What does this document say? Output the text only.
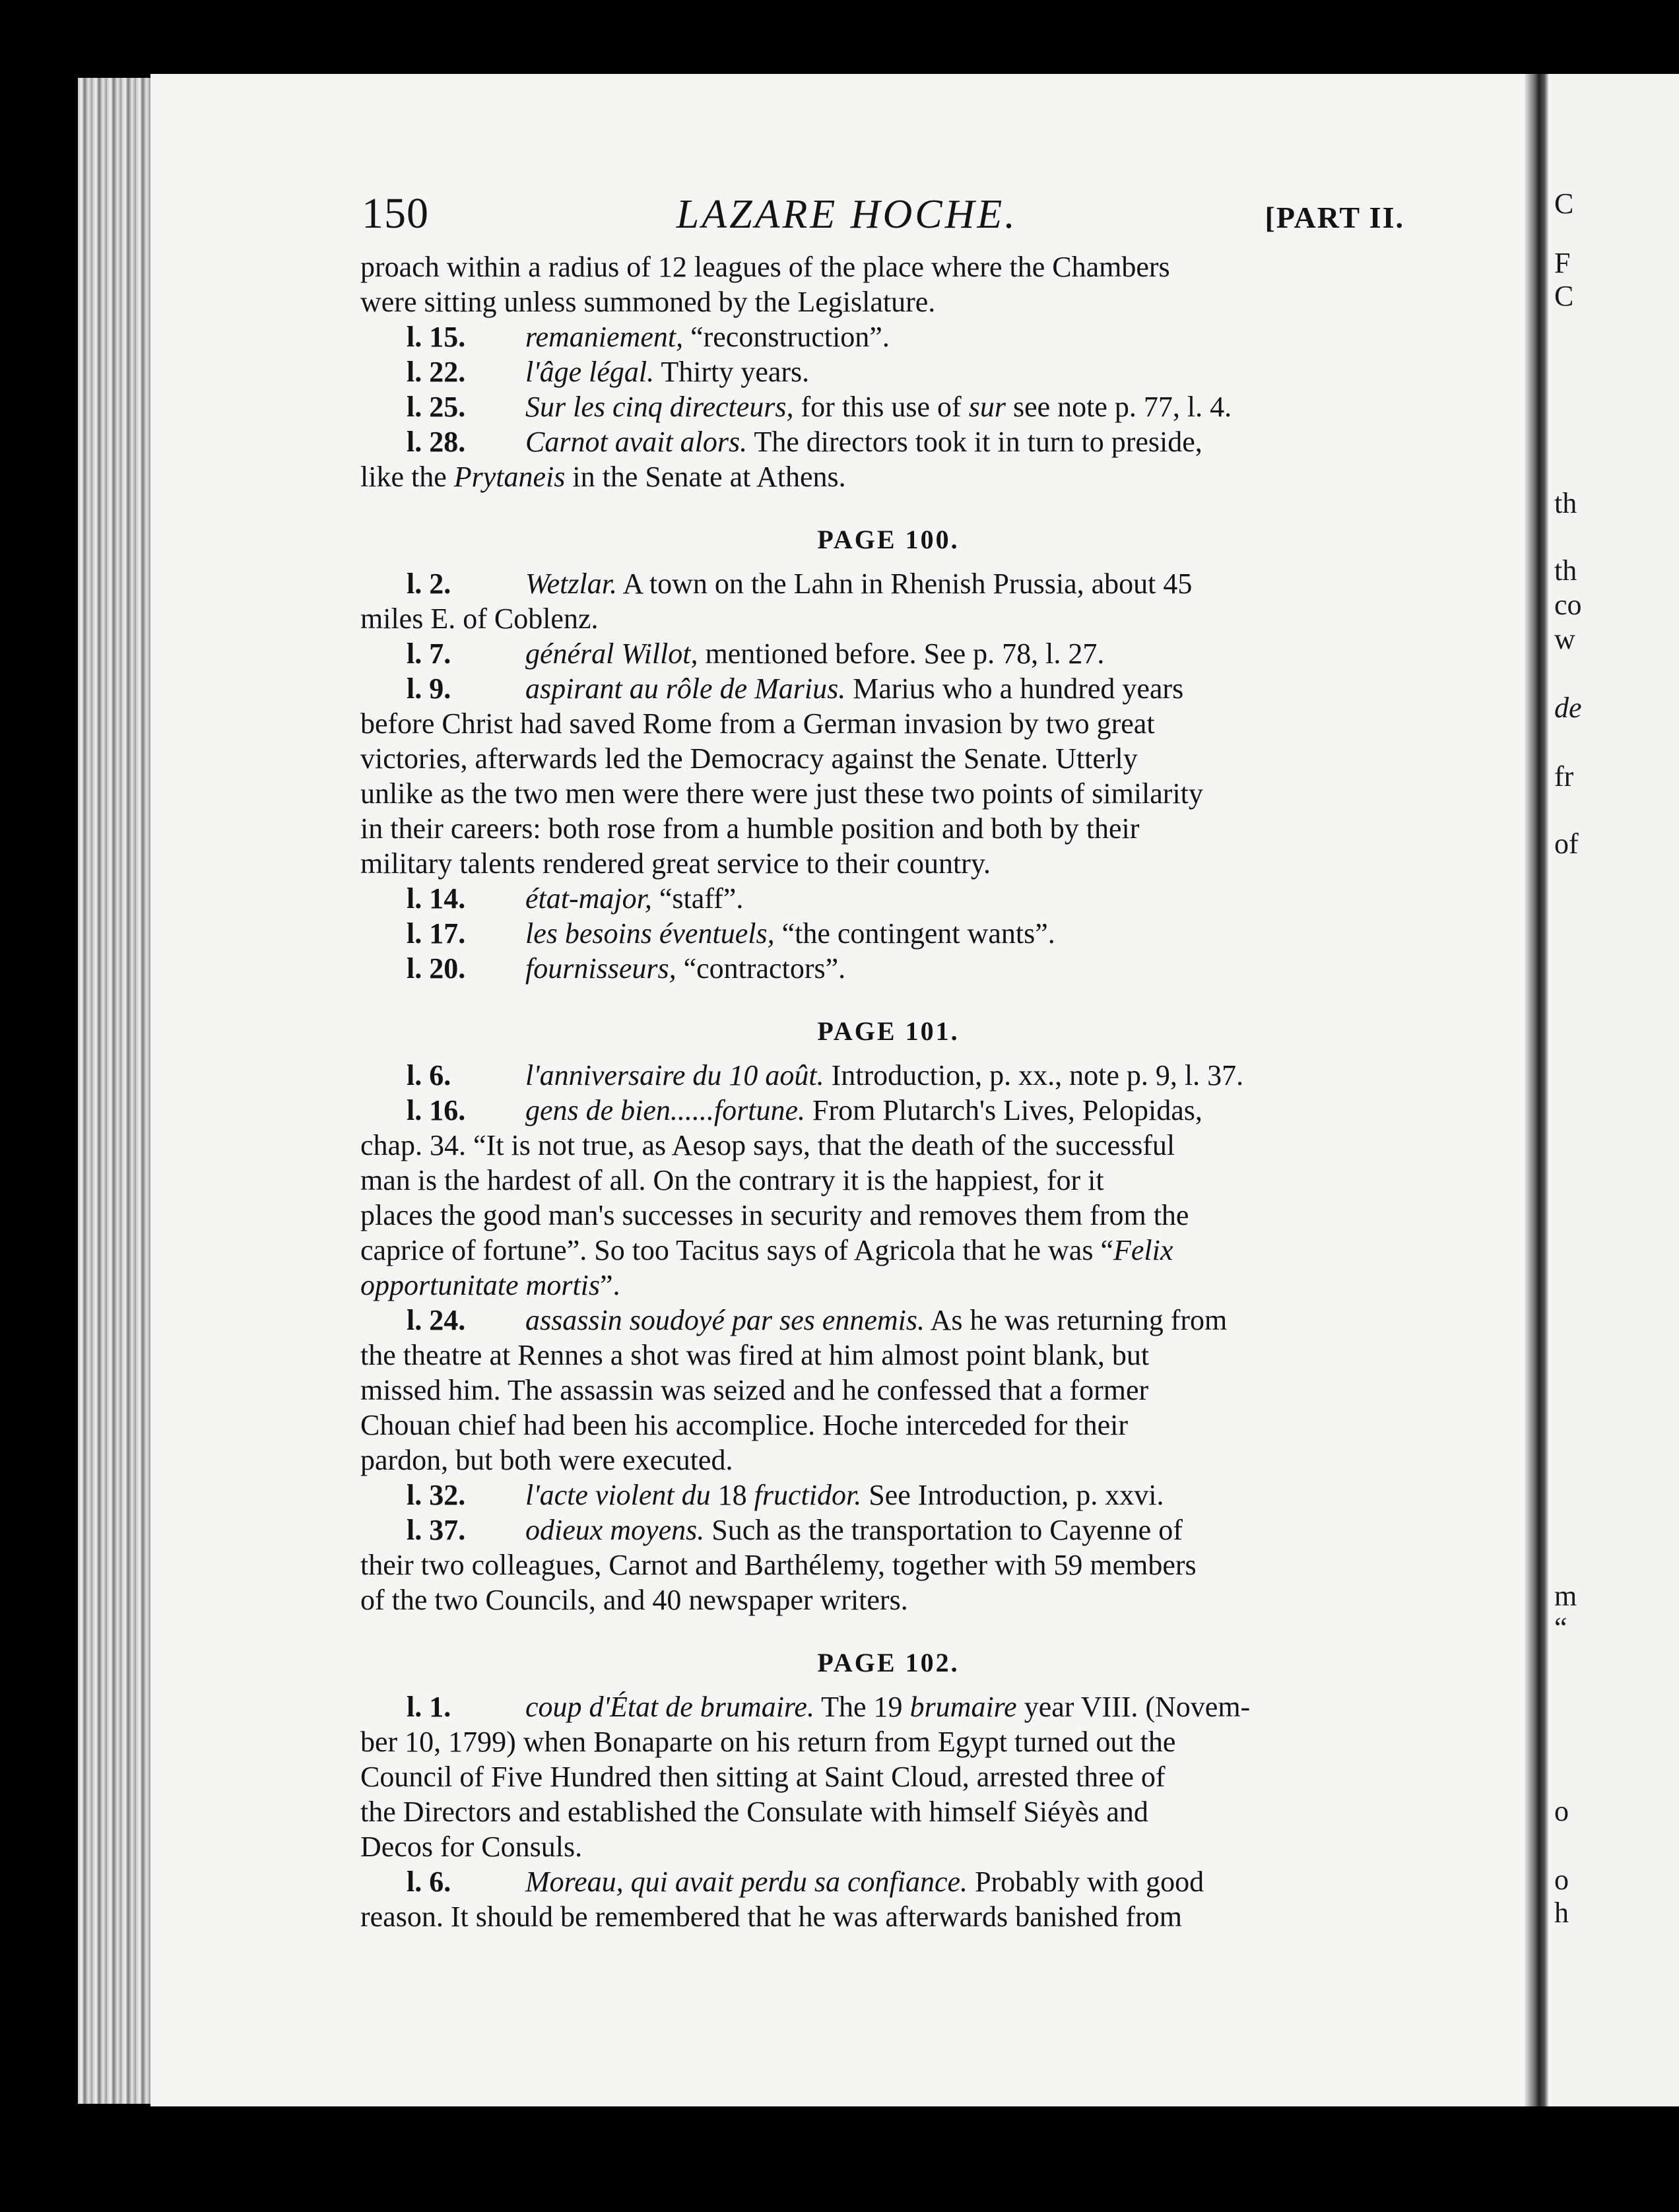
150	LAZARE HOCHE.	[PART II.

proach within a radius of 12 leagues of the place where the Chambers

were sitting unless summoned by the Legislature.

l. 15. remaniement, “reconstruction”.

l. 22. l'âge légal. Thirty years.

l. 25. Sur les cinq directeurs, for this use of sur see note p. 77, l. 4.

l. 28. Carnot avait alors. The directors took it in turn to preside,

like the Prytaneis in the Senate at Athens.

PAGE 100.

l. 2.	Wetzlar. A town on the Lahn in Rhenish Prussia, about 45

miles E. of Coblenz.

l. 7.	général Willot, mentioned before. See p. 78, l. 27.

l. 9.	aspirant au rôle de Marius. Marius who a hundred years

before Christ had saved Rome from a German invasion by two great

victories, afterwards led the Democracy against the Senate. Utterly

unlike as the two men were there were just these two points of similarity

in their careers: both rose from a humble position and both by their

military talents rendered great service to their country.

l. 14. état-major, “staff”.

l. 17. les besoins éventuels, “the contingent wants”.

l. 20. fournisseurs, “contractors”.

PAGE 101.

l. 6.	l'anniversaire du 10 août. Introduction, p. xx., note p. 9, l. 37.

l. 16. gens de bien......fortune. From Plutarch's Lives, Pelopidas,

chap. 34. “It is not true, as Aesop says, that the death of the successful

man is the hardest of all. On the contrary it is the happiest, for it

places the good man's successes in security and removes them from the

caprice of fortune”. So too Tacitus says of Agricola that he was “Felix

opportunitate mortis”.

l. 24. assassin soudoyé par ses ennemis. As he was returning from

the theatre at Rennes a shot was fired at him almost point blank, but

missed him. The assassin was seized and he confessed that a former

Chouan chief had been his accomplice. Hoche interceded for their

pardon, but both were executed.

l. 32. l'acte violent du 18 fructidor. See Introduction, p. xxvi.

l. 37. odieux moyens. Such as the transportation to Cayenne of

their two colleagues, Carnot and Barthélemy, together with 59 members

of the two Councils, and 40 newspaper writers.

PAGE 102.

l. 1.	coup d'État de brumaire. The 19 brumaire year VIII. (Novem-

ber 10, 1799) when Bonaparte on his return from Egypt turned out the

Council of Five Hundred then sitting at Saint Cloud, arrested three of

the Directors and established the Consulate with himself Siéyès and

Decos for Consuls.

l. 6.	Moreau, qui avait perdu sa confiance. Probably with good

reason. It should be remembered that he was afterwards banished from

C
F
C
th
th
co
w
de
fr
of
m
“
o
o
h
